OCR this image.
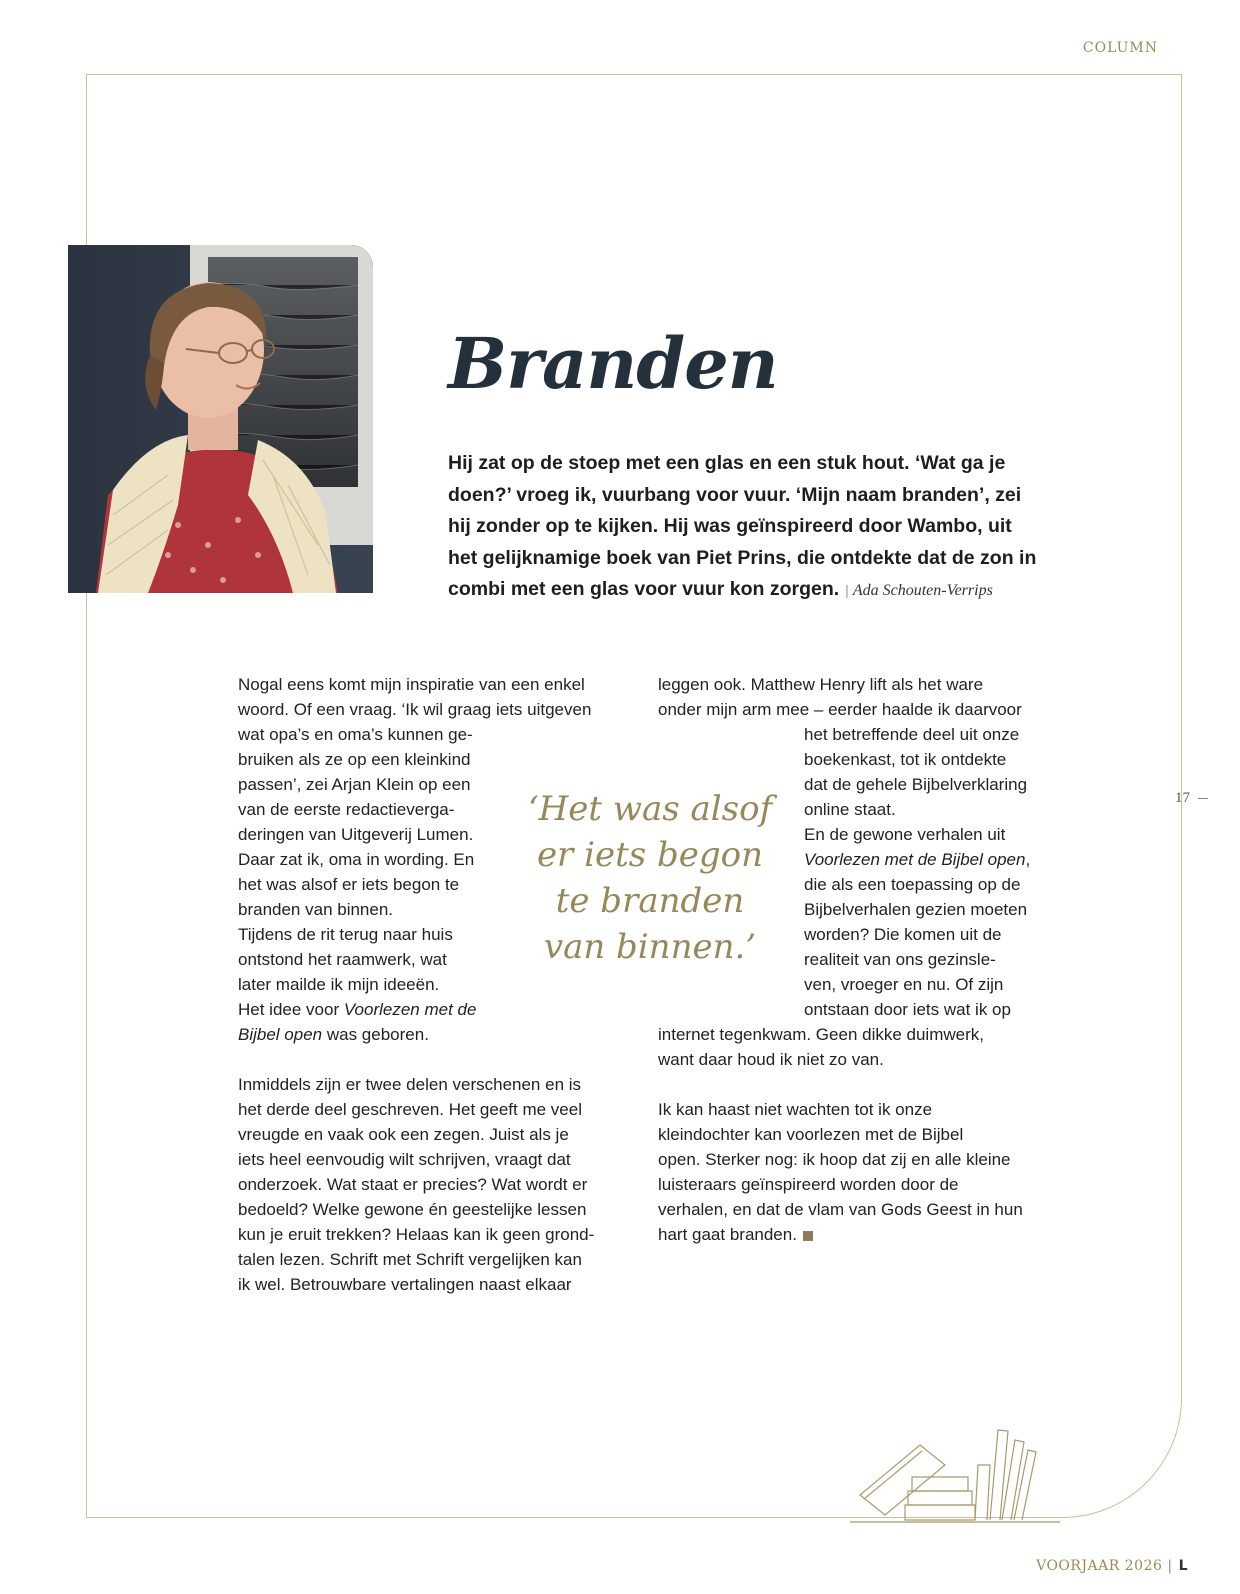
COLUMN
Branden
Hij zat op de stoep met een glas en een stuk hout. ‘Wat ga je
doen?’ vroeg ik, vuurbang voor vuur. ‘Mijn naam branden’, zei
hij zonder op te kijken. Hij was geïnspireerd door Wambo, uit
het gelijknamige boek van Piet Prins, die ontdekte dat de zon in
combi met een glas voor vuur kon zorgen. | Ada Schouten-Verrips
Nogal eens komt mijn inspiratie van een enkel
woord. Of een vraag. ‘Ik wil graag iets uitgeven
wat opa’s en oma’s kunnen ge-
bruiken als ze op een kleinkind
passen’, zei Arjan Klein op een
van de eerste redactieverga-
deringen van Uitgeverij Lumen.
Daar zat ik, oma in wording. En
het was alsof er iets begon te
branden van binnen.
Tijdens de rit terug naar huis
ontstond het raamwerk, wat
later mailde ik mijn ideeën.
Het idee voor Voorlezen met de
Bijbel open was geboren.
Inmiddels zijn er twee delen verschenen en is
het derde deel geschreven. Het geeft me veel
vreugde en vaak ook een zegen. Juist als je
iets heel eenvoudig wilt schrijven, vraagt dat
onderzoek. Wat staat er precies? Wat wordt er
bedoeld? Welke gewone én geestelijke lessen
kun je eruit trekken? Helaas kan ik geen grond-
talen lezen. Schrift met Schrift vergelijken kan
ik wel. Betrouwbare vertalingen naast elkaar
‘Het was alsof er iets begon te branden van binnen.’
leggen ook. Matthew Henry lift als het ware
onder mijn arm mee – eerder haalde ik daarvoor
het betreffende deel uit onze
boekenkast, tot ik ontdekte
dat de gehele Bijbelverklaring
online staat.
En de gewone verhalen uit
Voorlezen met de Bijbel open,
die als een toepassing op de
Bijbelverhalen gezien moeten
worden? Die komen uit de
realiteit van ons gezinsle-
ven, vroeger en nu. Of zijn
ontstaan door iets wat ik op
internet tegenkwam. Geen dikke duimwerk,
want daar houd ik niet zo van.
Ik kan haast niet wachten tot ik onze
kleindochter kan voorlezen met de Bijbel
open. Sterker nog: ik hoop dat zij en alle kleine
luisteraars geïnspireerd worden door de
verhalen, en dat de vlam van Gods Geest in hun
hart gaat branden.
17
VOORJAAR 2026 | L
